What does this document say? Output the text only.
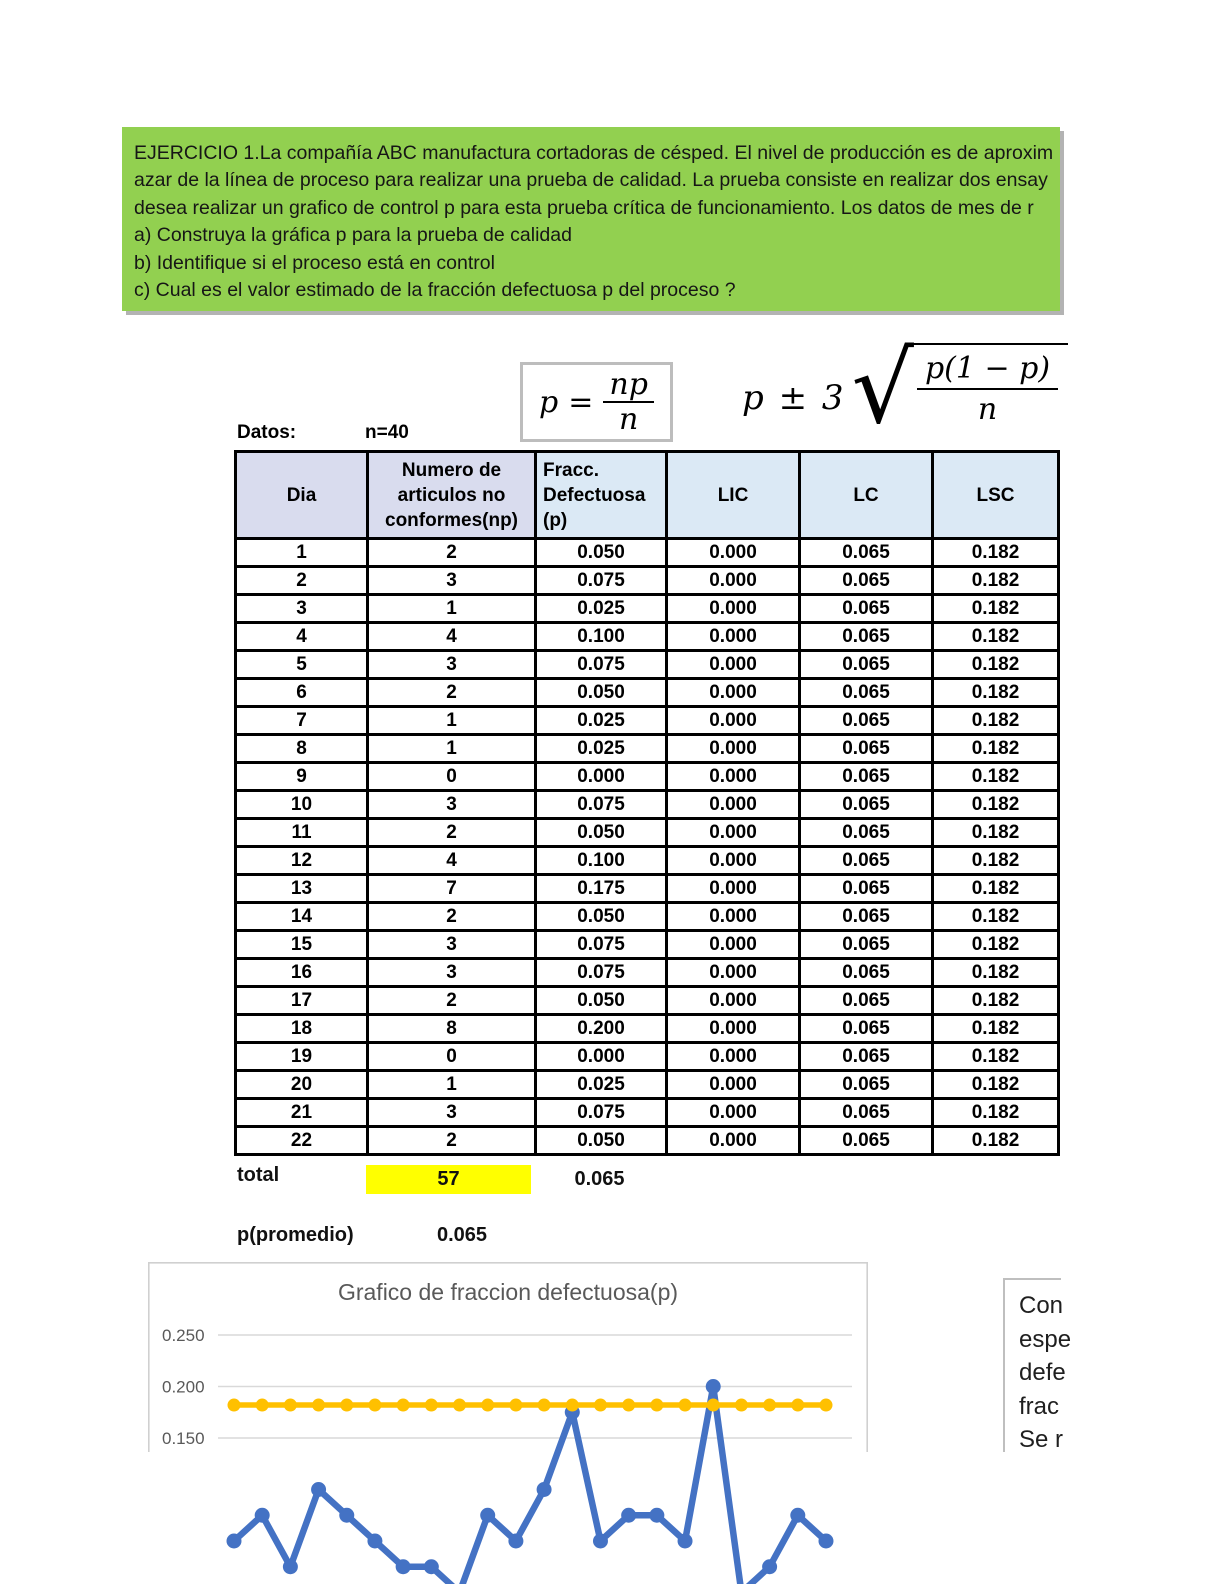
EJERCICIO 1.La compañía ABC manufactura cortadoras de césped. El nivel de producción es de aproxim
azar de la línea de proceso para realizar una prueba de calidad. La prueba consiste en realizar dos ensay
desea realizar un grafico de control p para esta prueba crítica de funcionamiento. Los datos de mes de r
a) Construya la gráfica p para la prueba de calidad
b) Identifique si el proceso está en control
c) Cual es el valor estimado de la fracción defectuosa p del proceso ?
$p = \frac{np}{n}$	p ± 3 √
$\frac{p(1 - p)}{n}$
Datos:	n=40
Dia	Numero de articulos no conformes(np)	Fracc. Defectuosa (p)	LIC	LC	LSC
1	2	0.050	0.000	0.065	0.182
2	3	0.075	0.000	0.065	0.182
3	1	0.025	0.000	0.065	0.182
4	4	0.100	0.000	0.065	0.182
5	3	0.075	0.000	0.065	0.182
6	2	0.050	0.000	0.065	0.182
7	1	0.025	0.000	0.065	0.182
8	1	0.025	0.000	0.065	0.182
9	0	0.000	0.000	0.065	0.182
10	3	0.075	0.000	0.065	0.182
11	2	0.050	0.000	0.065	0.182
12	4	0.100	0.000	0.065	0.182
13	7	0.175	0.000	0.065	0.182
14	2	0.050	0.000	0.065	0.182
15	3	0.075	0.000	0.065	0.182
16	3	0.075	0.000	0.065	0.182
17	2	0.050	0.000	0.065	0.182
18	8	0.200	0.000	0.065	0.182
19	0	0.000	0.000	0.065	0.182
20	1	0.025	0.000	0.065	0.182
21	3	0.075	0.000	0.065	0.182
22	2	0.050	0.000	0.065	0.182
total	57	0.065
p(promedio)	0.065
0.250
0.200
0.150
Grafico de fraccion defectuosa(p)	Con
espe
defe
frac
Se r
